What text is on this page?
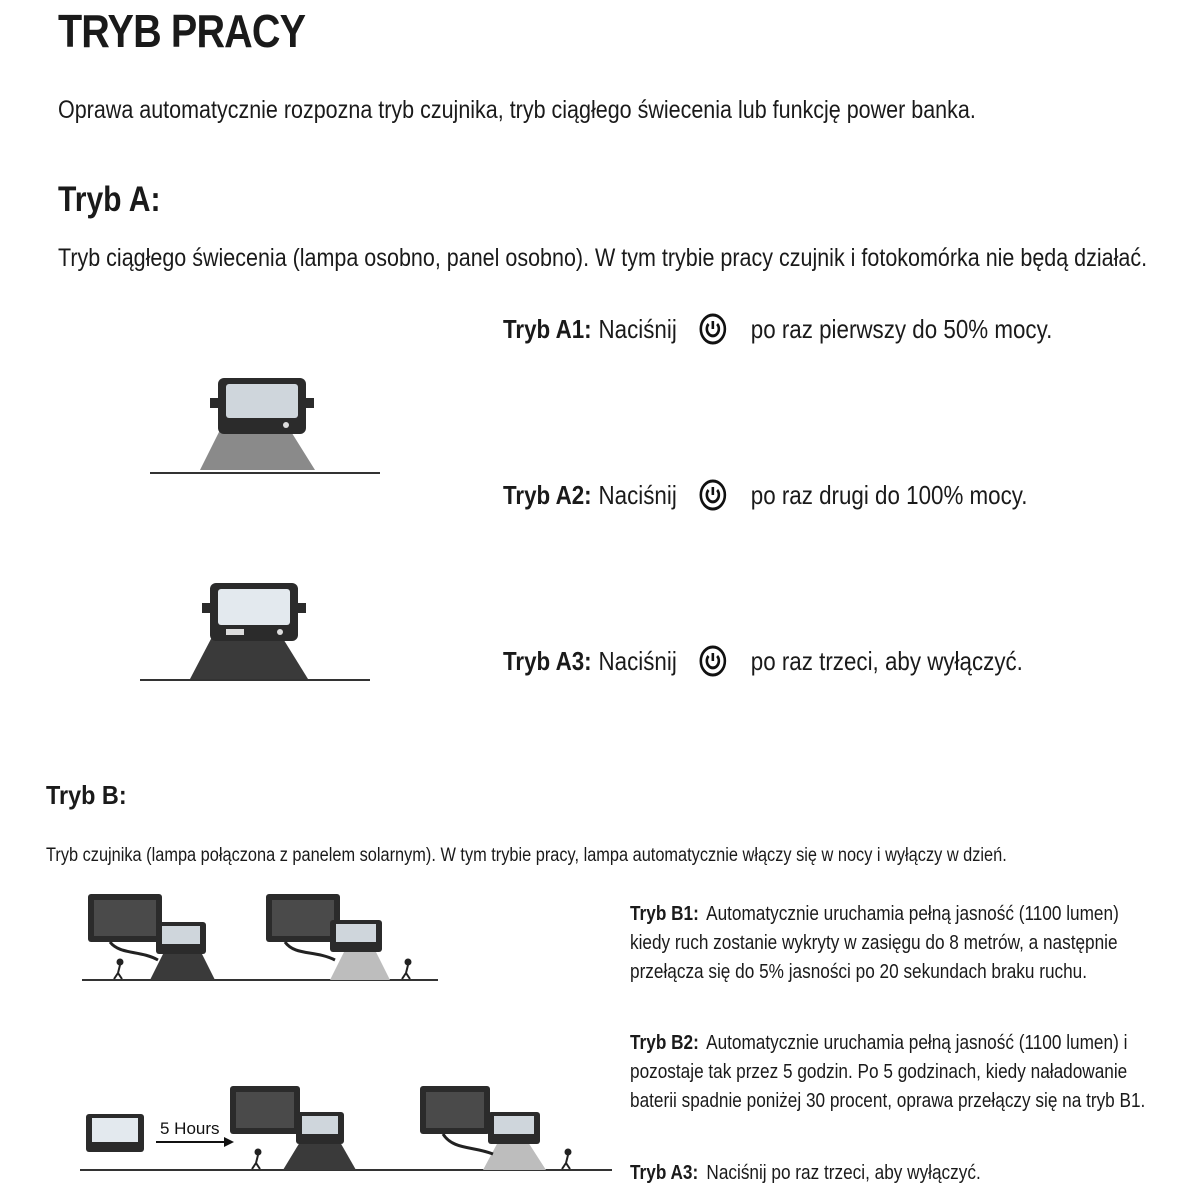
TRYB PRACY
Oprawa automatycznie rozpozna tryb czujnika, tryb ciągłego świecenia lub funkcję power banka.
Tryb A:
Tryb ciągłego świecenia (lampa osobno, panel osobno). W tym trybie pracy czujnik i fotokomórka nie będą działać.
Tryb A1: Naciśnij	po raz pierwszy do 50% mocy.
Tryb A2: Naciśnij	po raz drugi do 100% mocy.
Tryb A3: Naciśnij	po raz trzeci, aby wyłączyć.
Tryb B:
Tryb czujnika (lampa połączona z panelem solarnym). W tym trybie pracy, lampa automatycznie włączy się w nocy i wyłączy w dzień.
5 Hours
Tryb B1: Automatycznie uruchamia pełną jasność (1100 lumen) kiedy ruch zostanie wykryty w zasięgu do 8 metrów, a następnie przełącza się do 5% jasności po 20 sekundach braku ruchu.
Tryb B2: Automatycznie uruchamia pełną jasność (1100 lumen) i pozostaje tak przez 5 godzin. Po 5 godzinach, kiedy naładowanie baterii spadnie poniżej 30 procent, oprawa przełączy się na tryb B1.
Tryb A3: Naciśnij po raz trzeci, aby wyłączyć.
